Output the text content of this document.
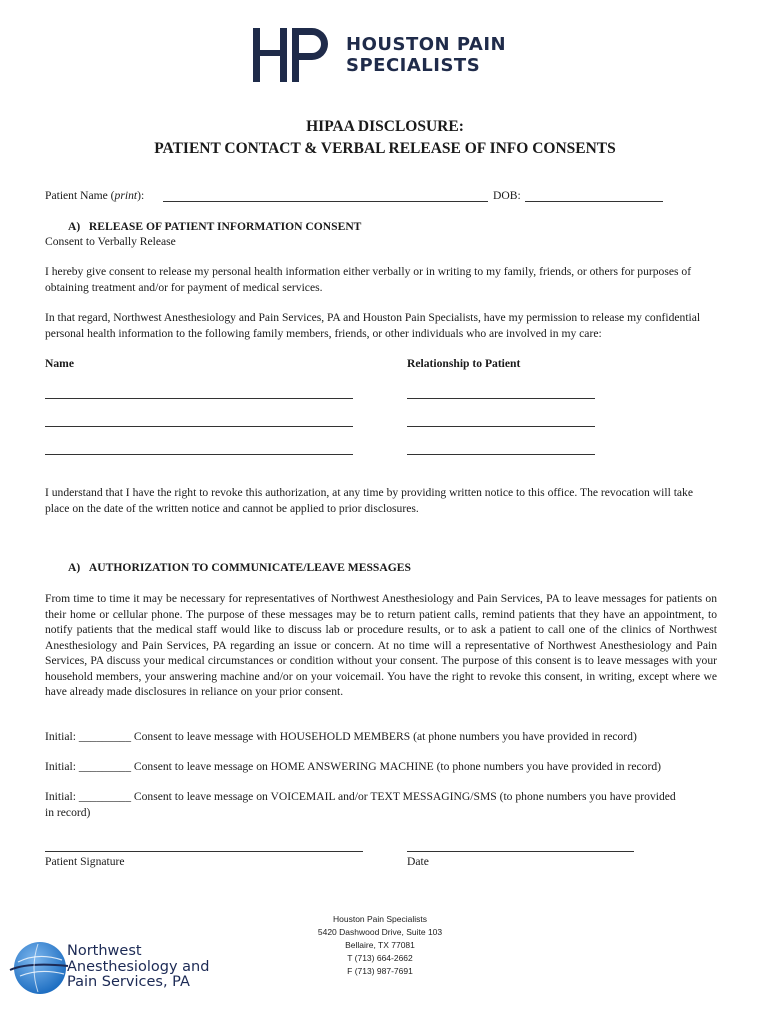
HOUSTON PAIN
SPECIALISTS
HIPAA DISCLOSURE:
PATIENT CONTACT & VERBAL RELEASE OF INFO CONSENTS
Patient Name (print):	DOB:
A)   RELEASE OF PATIENT INFORMATION CONSENT
Consent to Verbally Release
I hereby give consent to release my personal health information either verbally or in writing to my family, friends, or others for purposes of obtaining treatment and/or for payment of medical services.
In that regard, Northwest Anesthesiology and Pain Services, PA and Houston Pain Specialists, have my permission to release my confidential personal health information to the following family members, friends, or other individuals who are involved in my care:
Name	Relationship to Patient
I understand that I have the right to revoke this authorization, at any time by providing written notice to this office. The revocation will take place on the date of the written notice and cannot be applied to prior disclosures.
A)   AUTHORIZATION TO COMMUNICATE/LEAVE MESSAGES
From time to time it may be necessary for representatives of Northwest Anesthesiology and Pain Services, PA to leave messages for patients on their home or cellular phone. The purpose of these messages may be to return patient calls, remind patients that they have an appointment, to notify patients that the medical staff would like to discuss lab or procedure results, or to ask a patient to call one of the clinics of Northwest Anesthesiology and Pain Services, PA regarding an issue or concern. At no time will a representative of Northwest Anesthesiology and Pain Services, PA discuss your medical circumstances or condition without your consent. The purpose of this consent is to leave messages with your household members, your answering machine and/or on your voicemail. You have the right to revoke this consent, in writing, except where we have already made disclosures in reliance on your prior consent.
Initial: _________ Consent to leave message with HOUSEHOLD MEMBERS (at phone numbers you have provided in record)
Initial: _________ Consent to leave message on HOME ANSWERING MACHINE (to phone numbers you have provided in record)
Initial: _________ Consent to leave message on VOICEMAIL and/or TEXT MESSAGING/SMS (to phone numbers you have provided in record)
Patient Signature	Date
Houston Pain Specialists
5420 Dashwood Drive, Suite 103
Bellaire, TX 77081
T (713) 664-2662
F (713) 987-7691
Northwest
Anesthesiology and
Pain Services, PA
